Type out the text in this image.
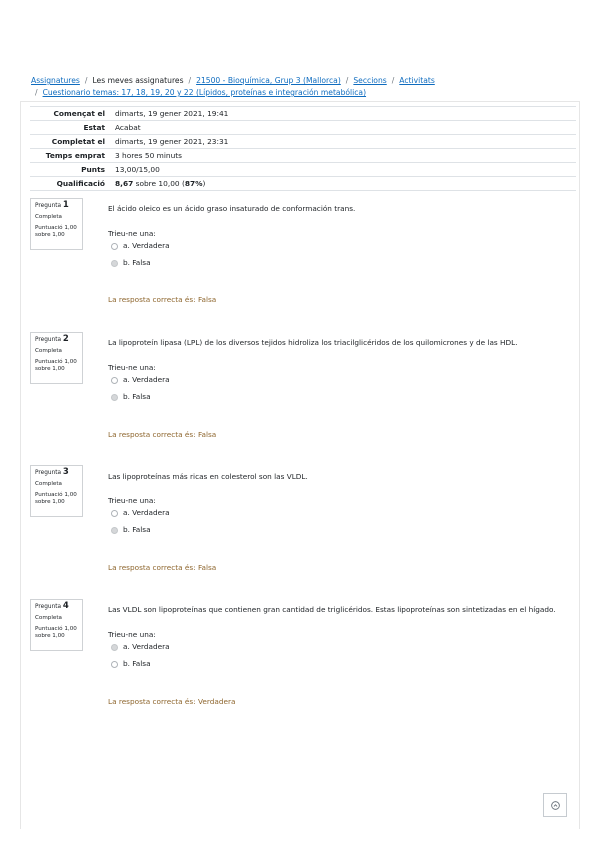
Assignatures / Les meves assignatures / 21500 - Bioquímica, Grup 3 (Mallorca) / Seccions / Activitats
/ Cuestionario temas: 17, 18, 19, 20 y 22 (Lípidos, proteínas e integración metabólica)
Començat el	dimarts, 19 gener 2021, 19:41
Estat	Acabat
Completat el	dimarts, 19 gener 2021, 23:31
Temps emprat	3 hores 50 minuts
Punts	13,00/15,00
Qualificació	8,67 sobre 10,00 (87%)
Pregunta 1
Completa
Puntuació 1,00
sobre 1,00
El ácido oleico es un ácido graso insaturado de conformación trans.
Trieu-ne una:
a. Verdadera
b. Falsa
La resposta correcta és: Falsa
Pregunta 2
Completa
Puntuació 1,00
sobre 1,00
La lipoproteín lipasa (LPL) de los diversos tejidos hidroliza los triacilglicéridos de los quilomicrones y de las HDL.
Trieu-ne una:
a. Verdadera
b. Falsa
La resposta correcta és: Falsa
Pregunta 3
Completa
Puntuació 1,00
sobre 1,00
Las lipoproteínas más ricas en colesterol son las VLDL.
Trieu-ne una:
a. Verdadera
b. Falsa
La resposta correcta és: Falsa
Pregunta 4
Completa
Puntuació 1,00
sobre 1,00
Las VLDL son lipoproteínas que contienen gran cantidad de triglicéridos. Estas lipoproteínas son sintetizadas en el hígado.
Trieu-ne una:
a. Verdadera
b. Falsa
La resposta correcta és: Verdadera
